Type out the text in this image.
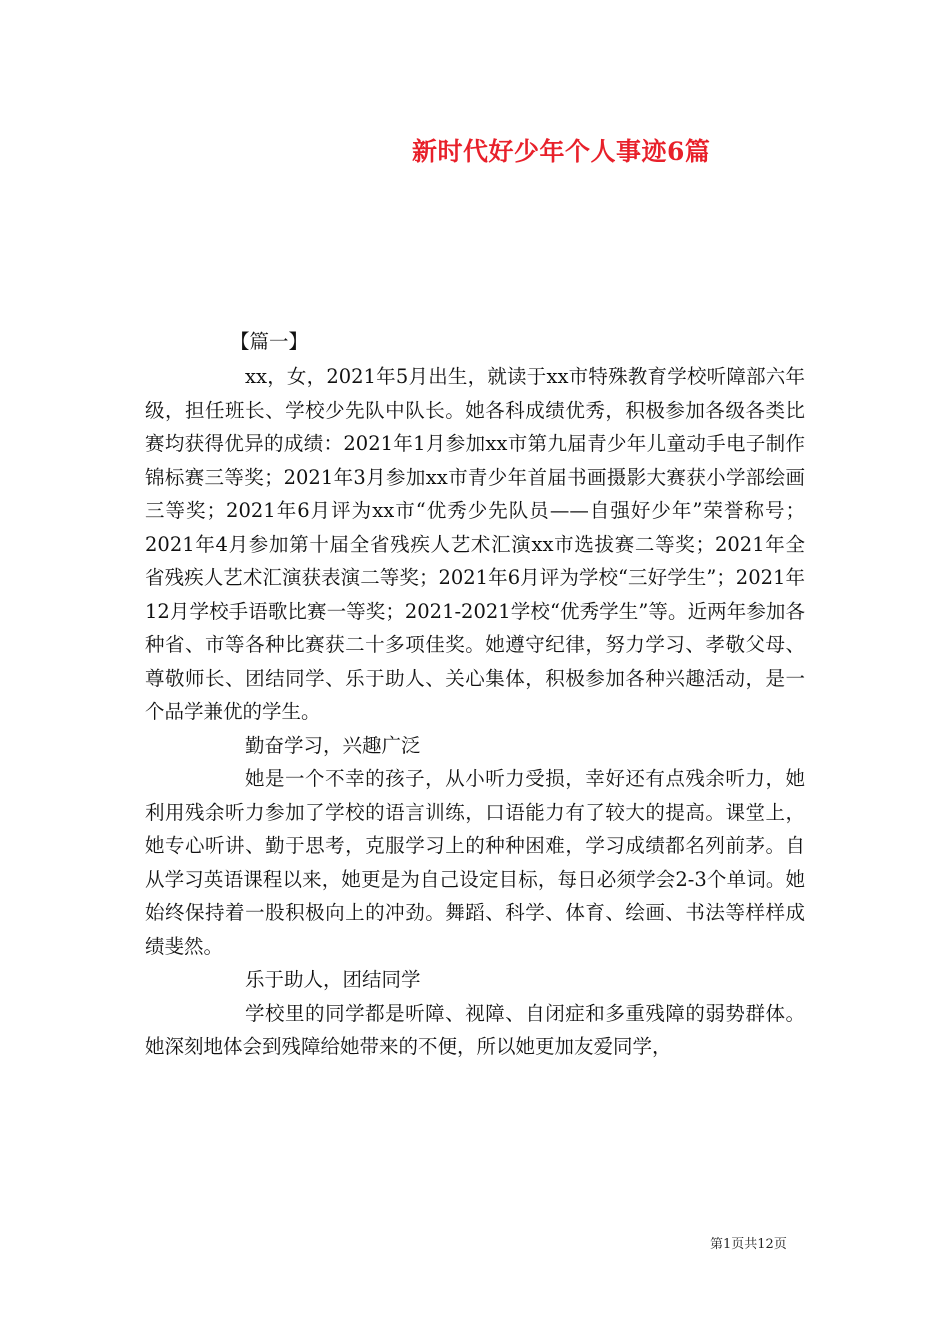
新时代好少年个人事迹6篇
【篇一】

xx，女，2021年5月出生，就读于xx市特殊教育学校听障部六年级，担任班长、学校少先队中队长。她各科成绩优秀，积极参加各级各类比赛均获得优异的成绩：2021年1月参加xx市第九届青少年儿童动手电子制作锦标赛三等奖；2021年3月参加xx市青少年首届书画摄影大赛获小学部绘画三等奖；2021年6月评为xx市“优秀少先队员——自强好少年”荣誉称号；2021年4月参加第十届全省残疾人艺术汇演xx市选拔赛二等奖；2021年全省残疾人艺术汇演获表演二等奖；2021年6月评为学校“三好学生”；2021年12月学校手语歌比赛一等奖；2021-2021学校“优秀学生”等。近两年参加各种省、市等各种比赛获二十多项佳奖。她遵守纪律，努力学习、孝敬父母、尊敬师长、团结同学、乐于助人、关心集体，积极参加各种兴趣活动，是一个品学兼优的学生。

勤奋学习，兴趣广泛

她是一个不幸的孩子，从小听力受损，幸好还有点残余听力，她利用残余听力参加了学校的语言训练，口语能力有了较大的提高。课堂上，她专心听讲、勤于思考，克服学习上的种种困难，学习成绩都名列前茅。自从学习英语课程以来，她更是为自己设定目标，每日必须学会2-3个单词。她始终保持着一股积极向上的冲劲。舞蹈、科学、体育、绘画、书法等样样成绩斐然。

乐于助人，团结同学

学校里的同学都是听障、视障、自闭症和多重残障的弱势群体。她深刻地体会到残障给她带来的不便，所以她更加友爱同学，

第1页共12页
